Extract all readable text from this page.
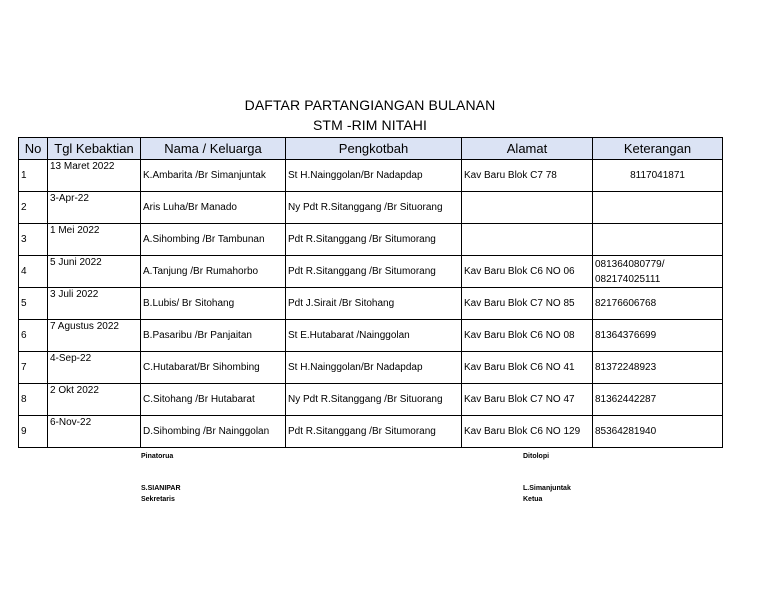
DAFTAR PARTANGIANGAN BULANAN
STM -RIM NITAHI
No	Tgl Kebaktian	Nama / Keluarga	Pengkotbah	Alamat	Keterangan
1	13 Maret 2022	K.Ambarita /Br Simanjuntak	St H.Nainggolan/Br Nadapdap	Kav Baru Blok C7 78	8117041871
2	3-Apr-22	Aris Luha/Br Manado	Ny Pdt R.Sitanggang /Br Situorang		
3	1 Mei 2022	A.Sihombing /Br Tambunan	Pdt R.Sitanggang /Br Situmorang		
4	5 Juni 2022	A.Tanjung /Br Rumahorbo	Pdt R.Sitanggang /Br Situmorang	Kav Baru Blok C6 NO 06	081364080779/
082174025111

5	3 Juli 2022	B.Lubis/ Br Sitohang	Pdt J.Sirait /Br Sitohang	Kav Baru Blok C7 NO 85	82176606768
6	7 Agustus 2022	B.Pasaribu /Br Panjaitan	St E.Hutabarat /Nainggolan	Kav Baru Blok C6 NO 08	81364376699
7	4-Sep-22	C.Hutabarat/Br Sihombing	St H.Nainggolan/Br Nadapdap	Kav Baru Blok C6 NO 41	81372248923
8	2 Okt 2022	C.Sitohang /Br Hutabarat	Ny Pdt R.Sitanggang /Br Situorang	Kav Baru Blok C7 NO 47	81362442287
9	6-Nov-22	D.Sihombing /Br Nainggolan	Pdt R.Sitanggang /Br Situmorang	Kav Baru Blok C6 NO 129	85364281940
Pinatorua
S.SIANIPAR
Sekretaris
Ditolopi
L.Simanjuntak
Ketua
